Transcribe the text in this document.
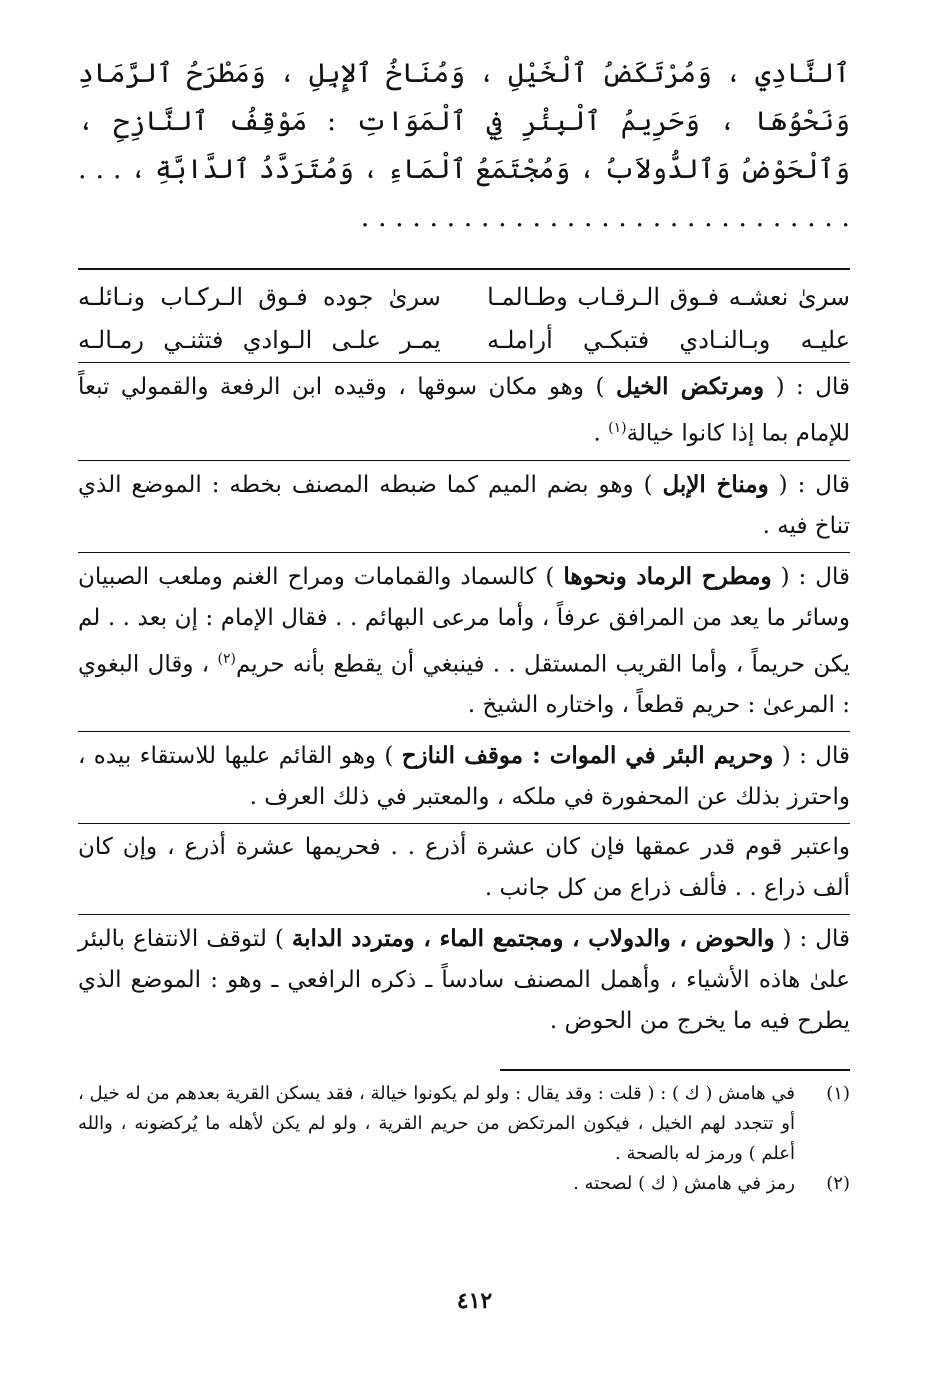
ٱلنَّادِي ، وَمُرْتَكَضُ ٱلْخَيْلِ ، وَمُنَاخُ ٱلإِبِلِ ، وَمَطْرَحُ ٱلرَّمَادِ وَنَحْوُهَا ، وَحَرِيمُ ٱلْبِئْرِ فِي ٱلْمَوَاتِ : مَوْقِفُ ٱلنَّازِحِ ، وَٱلْحَوْضُ وَٱلدُّولاَبُ ، وَمُجْتَمَعُ ٱلْمَاءِ ، وَمُتَرَدَّدُ ٱلدَّابَّةِ ، . . . . . . . . . . . . . . . . . . . . . . . . . . . . . . . .

سرىٰ نعشـه فـوق الـرقـاب وطـالمـا
سرىٰ جوده فـوق الـركـاب ونـائلـه
عليـه وبـالنـادي فتبكـي أراملـه
يمـر علـى الـوادي فتثنـي رمـالـه

قال : ( ومرتكض الخيل ) وهو مكان سوقها ، وقيده ابن الرفعة والقمولي تبعاً للإمام بما إذا كانوا خيالة$^{(١)}$ .

قال : ( ومناخ الإبل ) وهو بضم الميم كما ضبطه المصنف بخطه : الموضع الذي تناخ فيه .

قال : ( ومطرح الرماد ونحوها ) كالسماد والقمامات ومراح الغنم وملعب الصبيان وسائر ما يعد من المرافق عرفاً ، وأما مرعى البهائم . . فقال الإمام : إن بعد . . لم يكن حريماً ، وأما القريب المستقل . . فينبغي أن يقطع بأنه حريم$^{(٢)}$ ، وقال البغوي : المرعىٰ : حريم قطعاً ، واختاره الشيخ .

قال : ( وحريم البئر في الموات : موقف النازح ) وهو القائم عليها للاستقاء بيده ، واحترز بذلك عن المحفورة في ملكه ، والمعتبر في ذلك العرف .

واعتبر قوم قدر عمقها فإن كان عشرة أذرع . . فحريمها عشرة أذرع ، وإن كان ألف ذراع . . فألف ذراع من كل جانب .

قال : ( والحوض ، والدولاب ، ومجتمع الماء ، ومتردد الدابة ) لتوقف الانتفاع بالبئر علىٰ هاذه الأشياء ، وأهمل المصنف سادساً ـ ذكره الرافعي ـ وهو : الموضع الذي يطرح فيه ما يخرج من الحوض .

(١)
في هامش ( ك ) : ( قلت : وقد يقال : ولو لم يكونوا خيالة ، فقد يسكن القرية بعدهم من له خيل ، أو تتجدد لهم الخيل ، فيكون المرتكض من حريم القرية ، ولو لم يكن لأهله ما يُركضونه ، والله أعلم ) ورمز له بالصحة .
(٢)
رمز في هامش ( ك ) لصحته .
٤١٢
